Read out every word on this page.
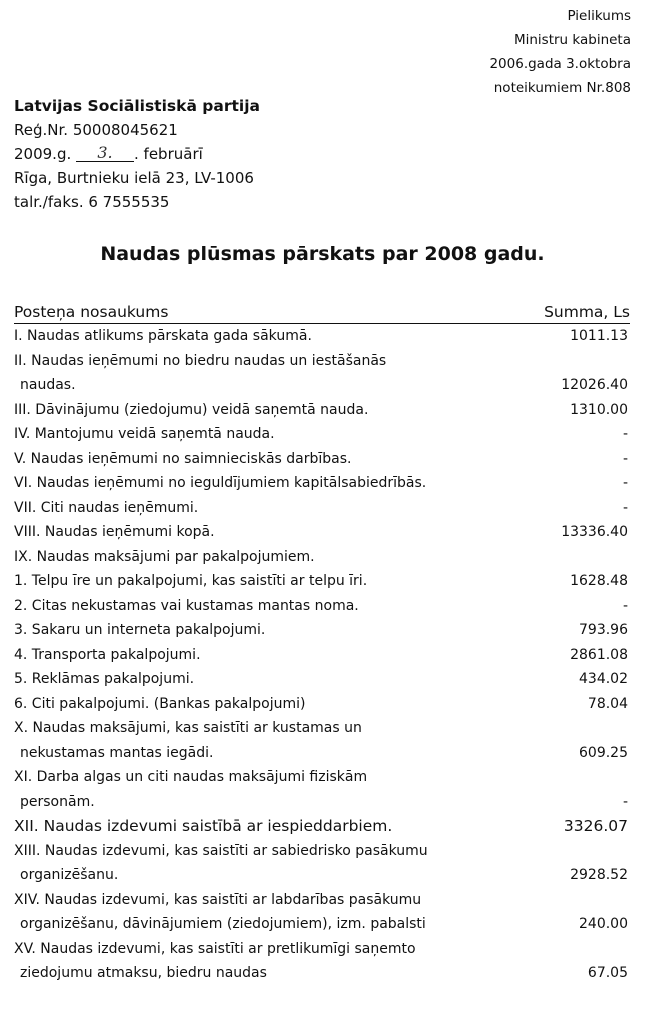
Pielikums
Ministru kabineta
2006.gada 3.oktobra
noteikumiem Nr.808
Latvijas Sociālistiskā partija
Reģ.Nr. 50008045621
2009.g. 3. . februārī
Rīga, Burtnieku ielā 23, LV-1006
talr./faks. 6 7555535
Naudas plūsmas pārskats par 2008 gadu.
Posteņa nosaukums	Summa, Ls
I. Naudas atlikums pārskata gada sākumā.	1011.13
II. Naudas ieņēmumi no biedru naudas un iestāšanās
naudas.	12026.40
III. Dāvinājumu (ziedojumu) veidā saņemtā nauda.	1310.00
IV. Mantojumu veidā saņemtā nauda.	-
V. Naudas ieņēmumi no saimnieciskās darbības.	-
VI. Naudas ieņēmumi no ieguldījumiem kapitālsabiedrībās.	-
VII. Citi naudas ieņēmumi.	-
VIII. Naudas ieņēmumi kopā.	13336.40
IX. Naudas maksājumi par pakalpojumiem.
1. Telpu īre un pakalpojumi, kas saistīti ar telpu īri.	1628.48
2. Citas nekustamas vai kustamas mantas noma.	-
3. Sakaru un interneta pakalpojumi.	793.96
4. Transporta pakalpojumi.	2861.08
5. Reklāmas pakalpojumi.	434.02
6. Citi pakalpojumi. (Bankas pakalpojumi)	78.04
X. Naudas maksājumi, kas saistīti ar kustamas un
nekustamas mantas iegādi.	609.25
XI. Darba algas un citi naudas maksājumi fiziskām
personām.	-
XII. Naudas izdevumi saistībā ar iespieddarbiem.	3326.07
XIII. Naudas izdevumi, kas saistīti ar sabiedrisko pasākumu
organizēšanu.	2928.52
XIV. Naudas izdevumi, kas saistīti ar labdarības pasākumu
organizēšanu, dāvinājumiem (ziedojumiem), izm. pabalsti	240.00
XV. Naudas izdevumi, kas saistīti ar pretlikumīgi saņemto
ziedojumu atmaksu, biedru naudas	67.05
